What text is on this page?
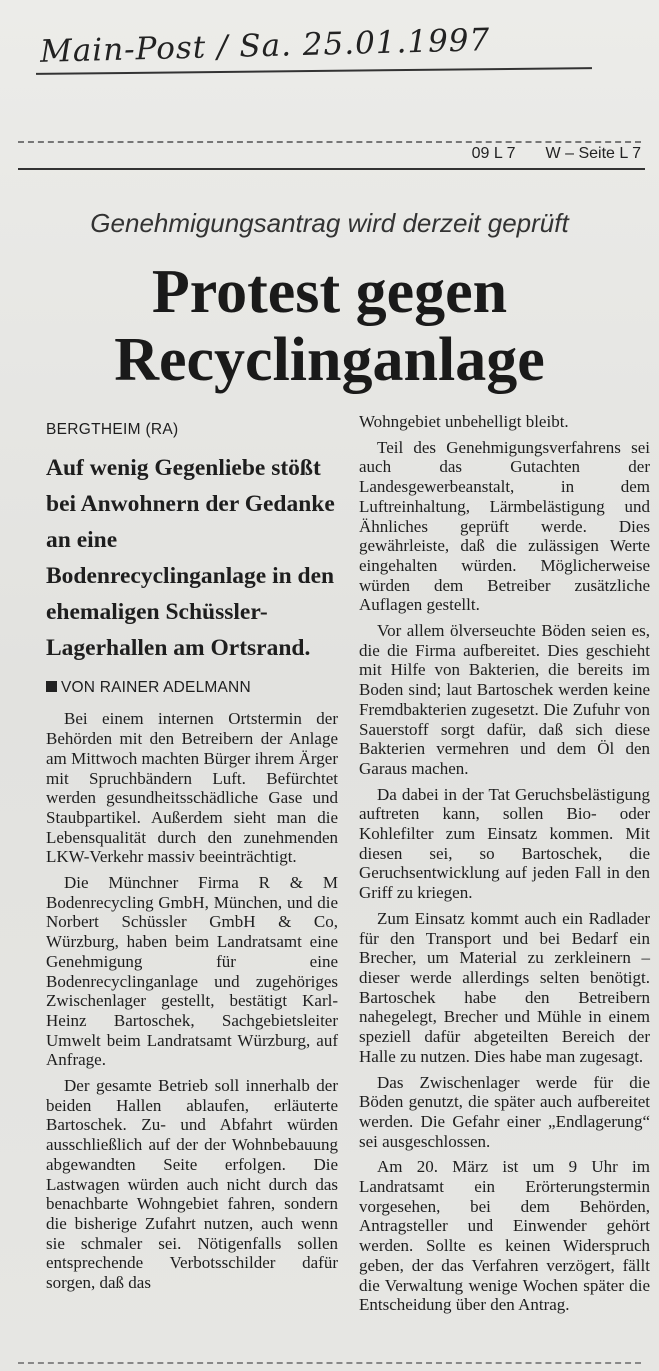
Main-Post / Sa. 25.01.1997
09 L 7 W – Seite L 7
Genehmigungsantrag wird derzeit geprüft
Protest gegen Recyclinganlage
BERGTHEIM (RA)
Auf wenig Gegenliebe stößt bei Anwohnern der Gedanke an eine Bodenrecyclinganlage in den ehemaligen Schüssler-Lagerhallen am Ortsrand.
VON RAINER ADELMANN

Bei einem internen Ortstermin der Behörden mit den Betreibern der Anlage am Mittwoch machten Bürger ihrem Ärger mit Spruchbändern Luft. Befürchtet werden gesundheitsschädliche Gase und Staubpartikel. Außerdem sieht man die Lebensqualität durch den zunehmenden LKW-Verkehr massiv beeinträchtigt.

Die Münchner Firma R & M Bodenrecycling GmbH, München, und die Norbert Schüssler GmbH & Co, Würzburg, haben beim Landratsamt eine Genehmigung für eine Bodenrecyclinganlage und zugehöriges Zwischenlager gestellt, bestätigt Karl-Heinz Bartoschek, Sachgebietsleiter Umwelt beim Landratsamt Würzburg, auf Anfrage.

Der gesamte Betrieb soll innerhalb der beiden Hallen ablaufen, erläuterte Bartoschek. Zu- und Abfahrt würden ausschließlich auf der der Wohnbebauung abgewandten Seite erfolgen. Die Lastwagen würden auch nicht durch das benachbarte Wohngebiet fahren, sondern die bisherige Zufahrt nutzen, auch wenn sie schmaler sei. Nötigenfalls sollen entsprechende Verbotsschilder dafür sorgen, daß das

Wohngebiet unbehelligt bleibt.

Teil des Genehmigungsverfahrens sei auch das Gutachten der Landesgewerbeanstalt, in dem Luftreinhaltung, Lärmbelästigung und Ähnliches geprüft werde. Dies gewährleiste, daß die zulässigen Werte eingehalten würden. Möglicherweise würden dem Betreiber zusätzliche Auflagen gestellt.

Vor allem ölverseuchte Böden seien es, die die Firma aufbereitet. Dies geschieht mit Hilfe von Bakterien, die bereits im Boden sind; laut Bartoschek werden keine Fremdbakterien zugesetzt. Die Zufuhr von Sauerstoff sorgt dafür, daß sich diese Bakterien vermehren und dem Öl den Garaus machen.

Da dabei in der Tat Geruchsbelästigung auftreten kann, sollen Bio- oder Kohlefilter zum Einsatz kommen. Mit diesen sei, so Bartoschek, die Geruchsentwicklung auf jeden Fall in den Griff zu kriegen.

Zum Einsatz kommt auch ein Radlader für den Transport und bei Bedarf ein Brecher, um Material zu zerkleinern – dieser werde allerdings selten benötigt. Bartoschek habe den Betreibern nahegelegt, Brecher und Mühle in einem speziell dafür abgeteilten Bereich der Halle zu nutzen. Dies habe man zugesagt.

Das Zwischenlager werde für die Böden genutzt, die später auch aufbereitet werden. Die Gefahr einer „Endlagerung“ sei ausgeschlossen.

Am 20. März ist um 9 Uhr im Landratsamt ein Erörterungstermin vorgesehen, bei dem Behörden, Antragsteller und Einwender gehört werden. Sollte es keinen Widerspruch geben, der das Verfahren verzögert, fällt die Verwaltung wenige Wochen später die Entscheidung über den Antrag.
